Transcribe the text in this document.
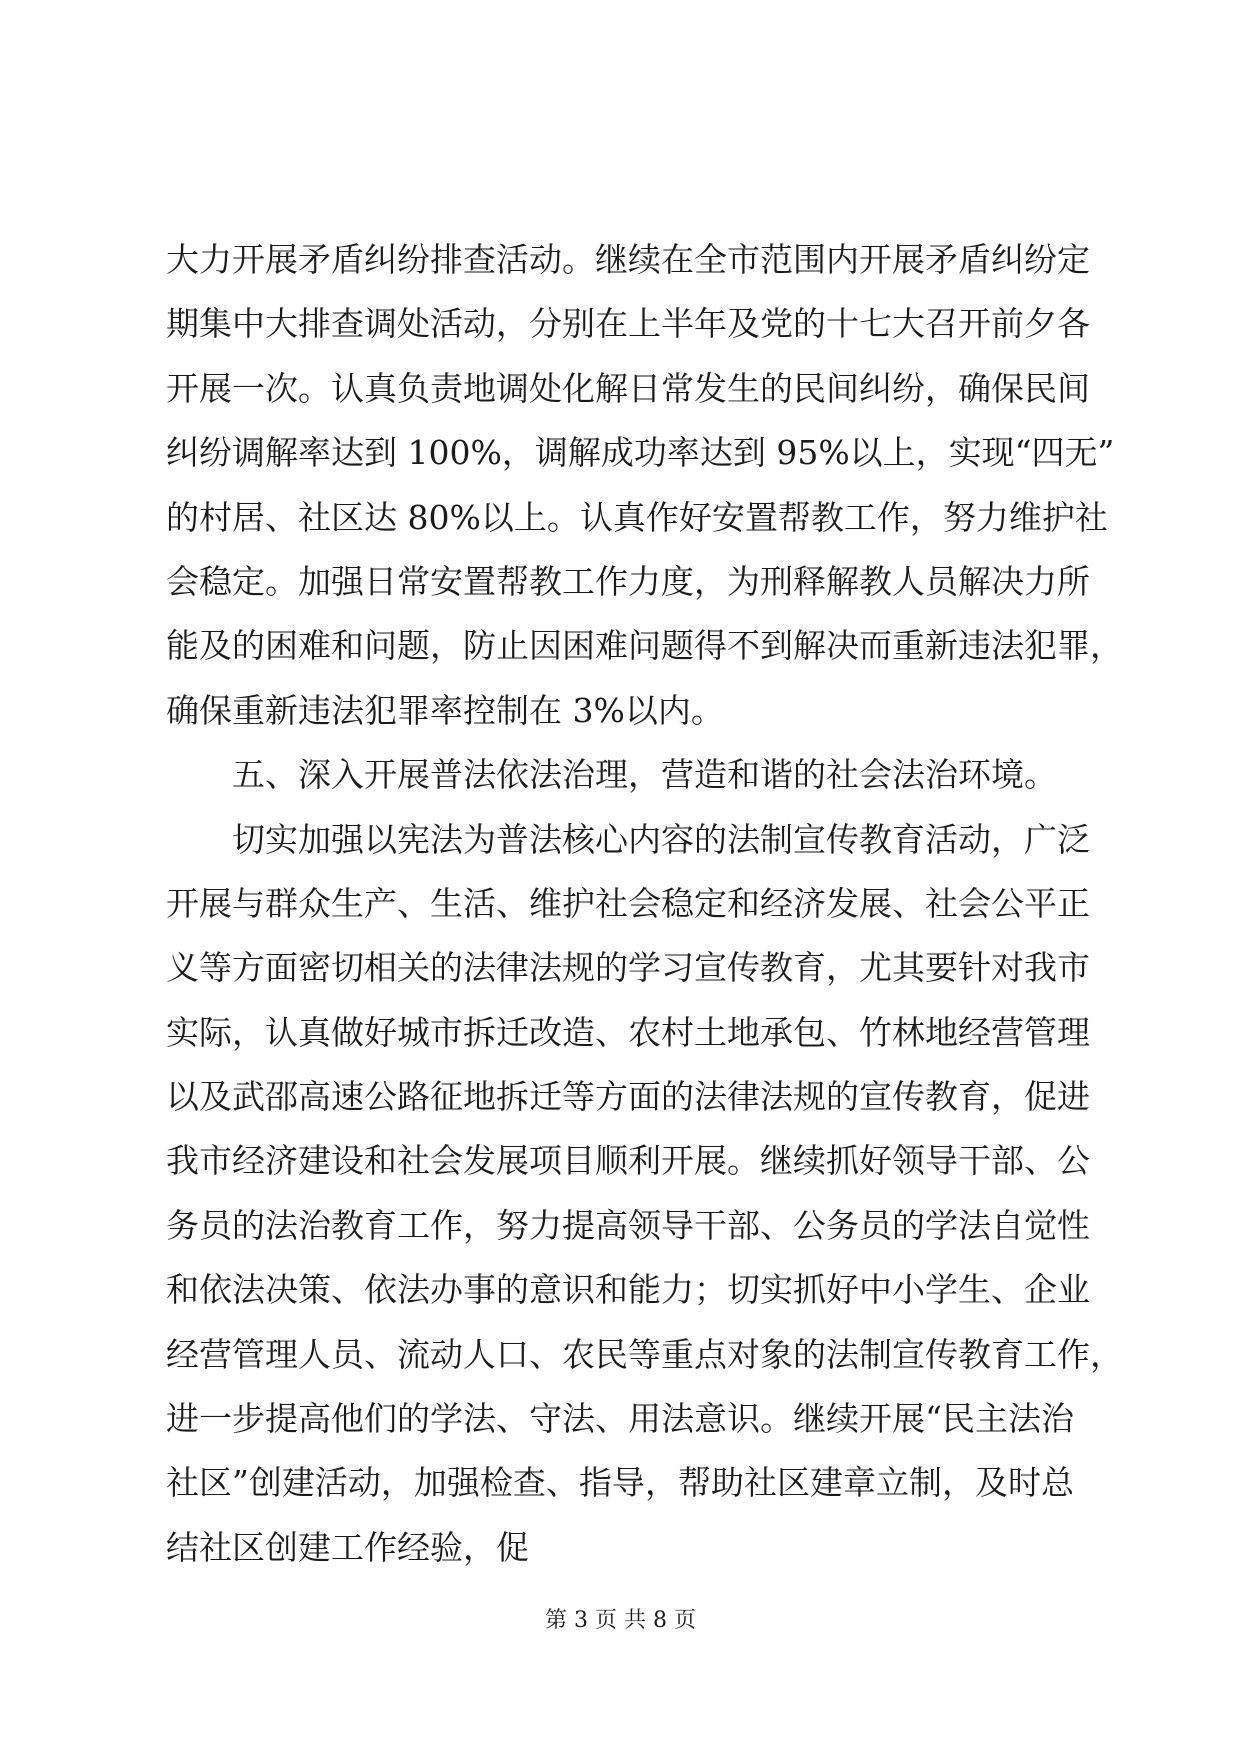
大力开展矛盾纠纷排查活动。继续在全市范围内开展矛盾纠纷定
期集中大排查调处活动，分别在上半年及党的十七大召开前夕各
开展一次。认真负责地调处化解日常发生的民间纠纷，确保民间
纠纷调解率达到 100%，调解成功率达到 95%以上，实现“四无”
的村居、社区达 80%以上。认真作好安置帮教工作，努力维护社
会稳定。加强日常安置帮教工作力度，为刑释解教人员解决力所
能及的困难和问题，防止因困难问题得不到解决而重新违法犯罪，
确保重新违法犯罪率控制在 3%以内。
五、深入开展普法依法治理，营造和谐的社会法治环境。
切实加强以宪法为普法核心内容的法制宣传教育活动，广泛
开展与群众生产、生活、维护社会稳定和经济发展、社会公平正
义等方面密切相关的法律法规的学习宣传教育，尤其要针对我市
实际，认真做好城市拆迁改造、农村土地承包、竹林地经营管理
以及武邵高速公路征地拆迁等方面的法律法规的宣传教育，促进
我市经济建设和社会发展项目顺利开展。继续抓好领导干部、公
务员的法治教育工作，努力提高领导干部、公务员的学法自觉性
和依法决策、依法办事的意识和能力；切实抓好中小学生、企业
经营管理人员、流动人口、农民等重点对象的法制宣传教育工作，
进一步提高他们的学法、守法、用法意识。继续开展“民主法治
社区”创建活动，加强检查、指导，帮助社区建章立制，及时总
结社区创建工作经验，促
第 3 页 共 8 页
